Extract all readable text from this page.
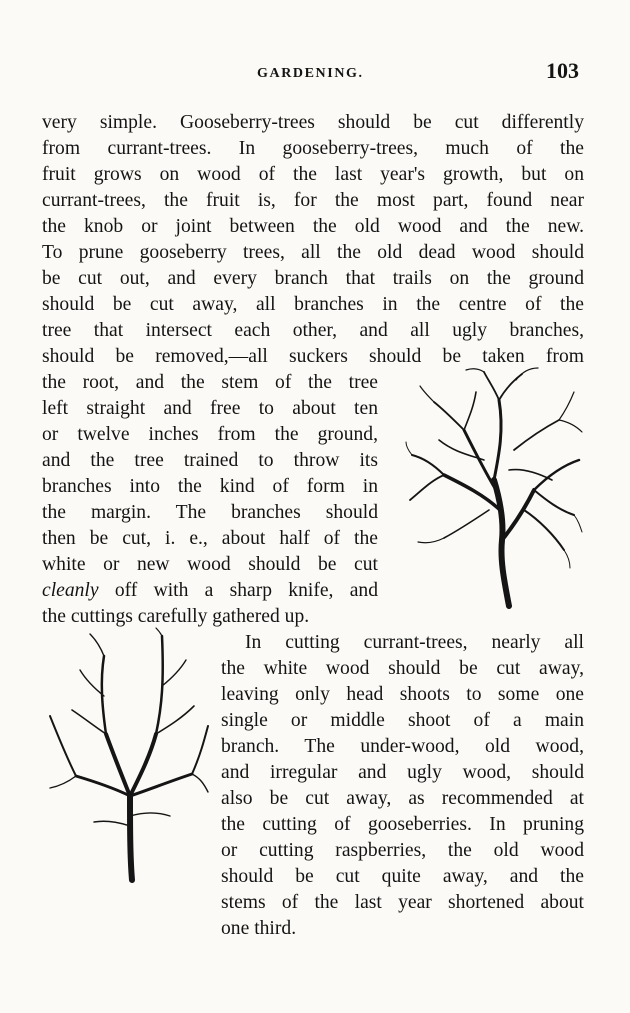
GARDENING.	103
very simple. Gooseberry-trees should be cut differently
from currant-trees. In gooseberry-trees, much of the
fruit grows on wood of the last year's growth, but on
currant-trees, the fruit is, for the most part, found near
the knob or joint between the old wood and the new.
To prune gooseberry trees, all the old dead wood should
be cut out, and every branch that trails on the ground
should be cut away, all branches in the centre of the
tree that intersect each other, and all ugly branches,
should be removed,—all suckers should be taken from
the root, and the stem of the tree
left straight and free to about ten
or twelve inches from the ground,
and the tree trained to throw its
branches into the kind of form in
the margin. The branches should
then be cut, i. e., about half of the
white or new wood should be cut
cleanly off with a sharp knife, and
the cuttings carefully gathered up.
In cutting currant-trees, nearly all
the white wood should be cut away,
leaving only head shoots to some one
single or middle shoot of a main
branch. The under-wood, old wood,
and irregular and ugly wood, should
also be cut away, as recommended at
the cutting of gooseberries. In pruning
or cutting raspberries, the old wood
should be cut quite away, and the
stems of the last year shortened about
one third.
